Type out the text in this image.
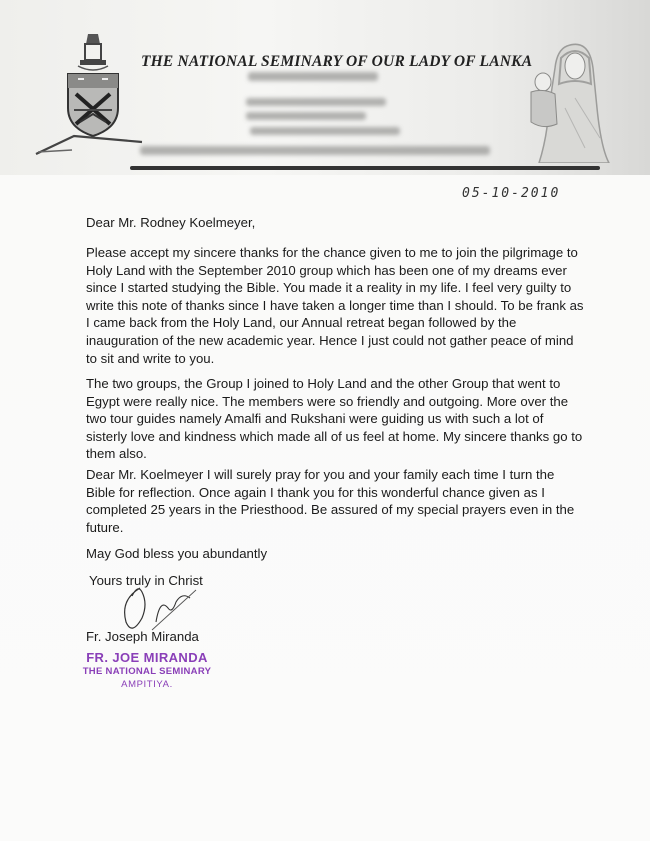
THE NATIONAL SEMINARY OF OUR LADY OF LANKA
05-10-2010

Dear Mr. Rodney Koelmeyer,

Please accept my sincere thanks for the chance given to me to join the pilgrimage to Holy Land with the September 2010 group which has been one of my dreams ever since I started studying the Bible. You made it a reality in my life. I feel very guilty to write this note of thanks since I have taken a longer time than I should. To be frank as I came back from the Holy Land, our Annual retreat began followed by the inauguration of the new academic year. Hence I just could not gather peace of mind to sit and write to you.

The two groups, the Group I joined to Holy Land and the other Group that went to Egypt were really nice. The members were so friendly and outgoing. More over the two tour guides namely Amalfi and Rukshani were guiding us with such a lot of sisterly love and kindness which made all of us feel at home. My sincere thanks go to them also.

Dear Mr. Koelmeyer I will surely pray for you and your family each time I turn the Bible for reflection. Once again I thank you for this wonderful chance given as I completed 25 years in the Priesthood. Be assured of my special prayers even in the future.

May God bless you abundantly

Yours truly in Christ

Fr. Joseph Miranda

FR. JOE MIRANDA
THE NATIONAL SEMINARY
AMPITIYA.
